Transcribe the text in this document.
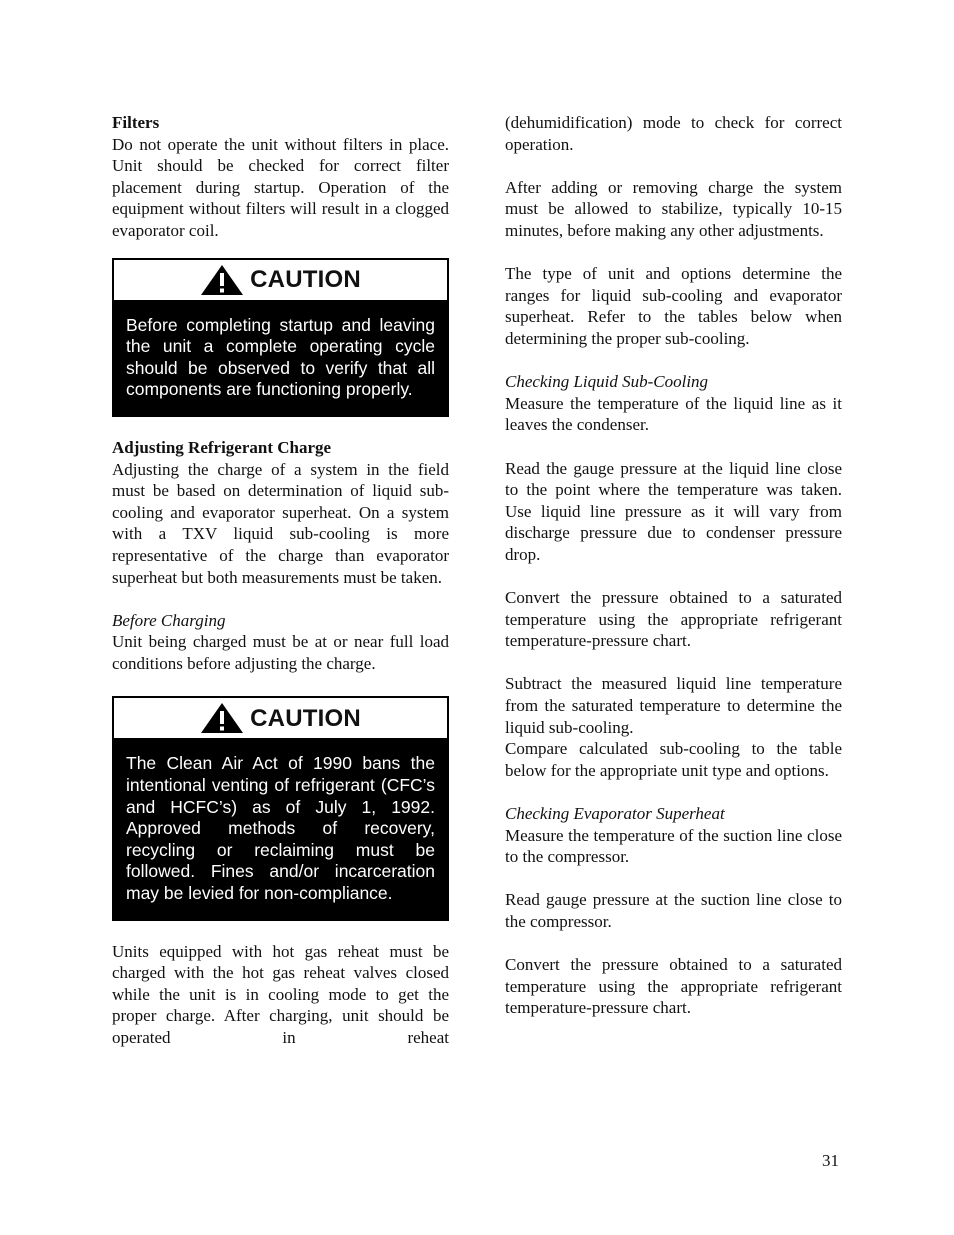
Filters

Do not operate the unit without filters in place. Unit should be checked for correct filter placement during startup. Operation of the equipment without filters will result in a clogged evaporator coil.

CAUTION
Before completing startup and leaving the unit a complete operating cycle should be observed to verify that all components are functioning properly.

Adjusting Refrigerant Charge

Adjusting the charge of a system in the field must be based on determination of liquid sub-cooling and evaporator superheat. On a system with a TXV liquid sub-cooling is more representative of the charge than evaporator superheat but both measurements must be taken.

Before Charging

Unit being charged must be at or near full load conditions before adjusting the charge.

CAUTION
The Clean Air Act of 1990 bans the intentional venting of refrigerant (CFC’s and HCFC’s) as of July 1, 1992. Approved methods of recovery, recycling or reclaiming must be followed. Fines and/or incarceration may be levied for non-compliance.

Units equipped with hot gas reheat must be charged with the hot gas reheat valves closed while the unit is in cooling mode to get the proper charge. After charging, unit should be operated in reheat

(dehumidification) mode to check for correct operation.

After adding or removing charge the system must be allowed to stabilize, typically 10-15 minutes, before making any other adjustments.

The type of unit and options determine the ranges for liquid sub-cooling and evaporator superheat. Refer to the tables below when determining the proper sub-cooling.

Checking Liquid Sub-Cooling

Measure the temperature of the liquid line as it leaves the condenser.

Read the gauge pressure at the liquid line close to the point where the temperature was taken. Use liquid line pressure as it will vary from discharge pressure due to condenser pressure drop.

Convert the pressure obtained to a saturated temperature using the appropriate refrigerant temperature-pressure chart.

Subtract the measured liquid line temperature from the saturated temperature to determine the liquid sub-cooling.

Compare calculated sub-cooling to the table below for the appropriate unit type and options.

Checking Evaporator Superheat

Measure the temperature of the suction line close to the compressor.

Read gauge pressure at the suction line close to the compressor.

Convert the pressure obtained to a saturated temperature using the appropriate refrigerant temperature-pressure chart.

31
